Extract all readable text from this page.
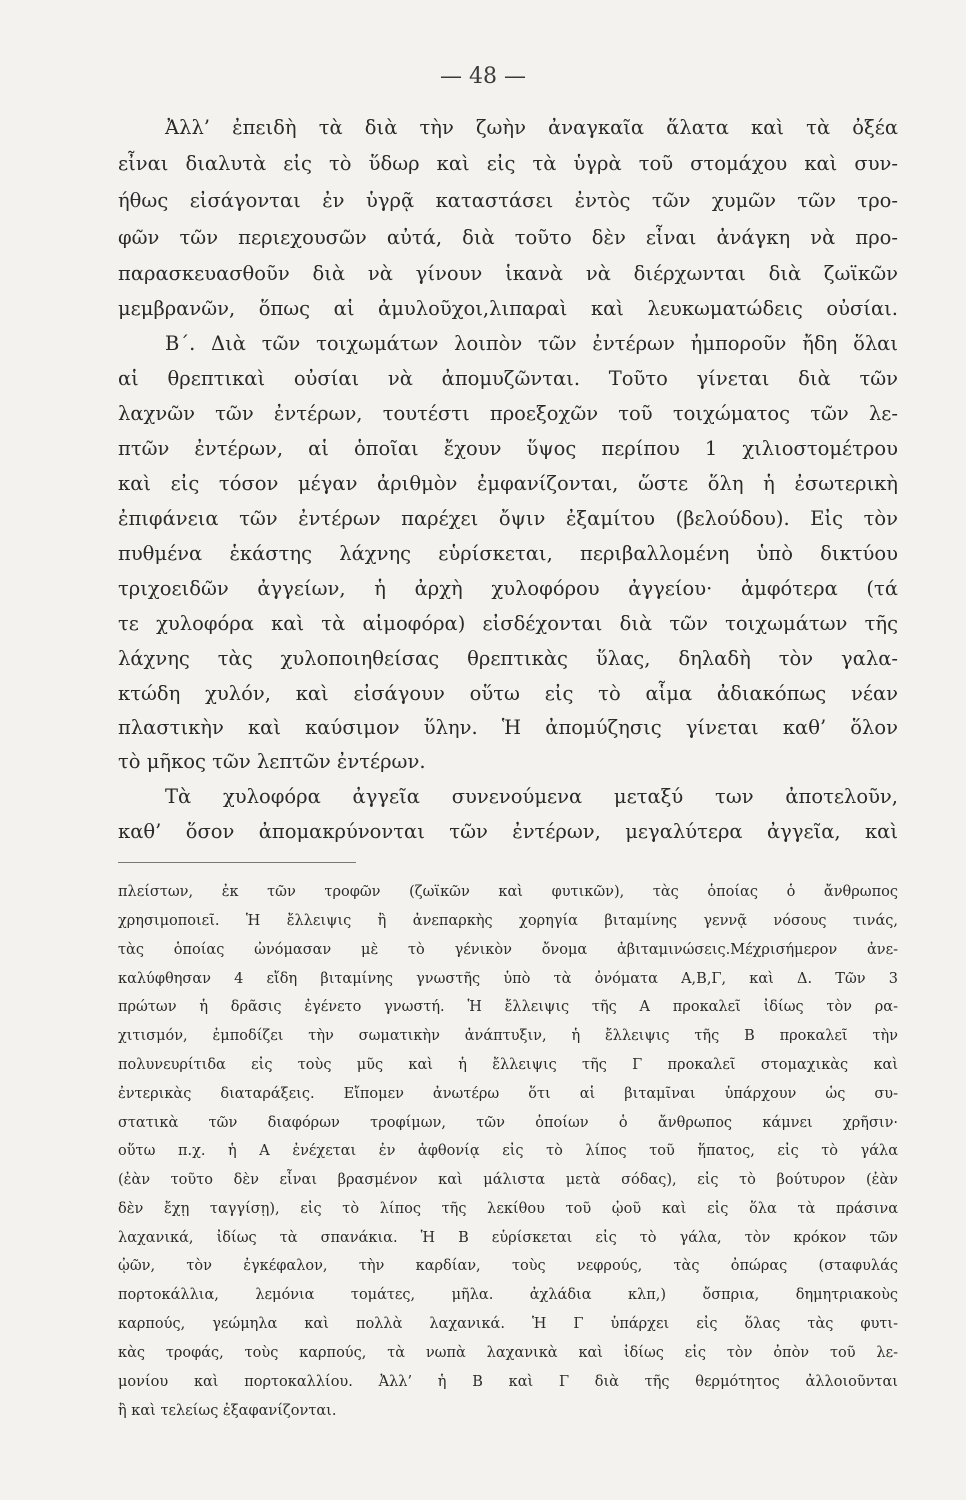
— 48 —
Ἀλλ’ ἐπειδὴ τὰ διὰ τὴν ζωὴν ἀναγκαῖα ἅλατα καὶ τὰ ὀξέα
εἶναι διαλυτὰ εἰς τὸ ὕδωρ καὶ εἰς τὰ ὑγρὰ τοῦ στομάχου καὶ συν-
ήθως εἰσάγονται ἐν ὑγρᾷ καταστάσει ἐντὸς τῶν χυμῶν τῶν τρο-
φῶν τῶν περιεχουσῶν αὐτά, διὰ τοῦτο δὲν εἶναι ἀνάγκη νὰ προ-
παρασκευασθοῦν διὰ νὰ γίνουν ἱκανὰ νὰ διέρχωνται διὰ ζωϊκῶν
μεμβρανῶν, ὅπως αἱ ἀμυλοῦχοι,λιπαραὶ καὶ λευκωματώδεις οὐσίαι.
Β΄. Διὰ τῶν τοιχωμάτων λοιπὸν τῶν ἐντέρων ἠμποροῦν ἤδη ὅλαι
αἱ θρεπτικαὶ οὐσίαι νὰ ἀπομυζῶνται. Τοῦτο γίνεται διὰ τῶν
λαχνῶν τῶν ἐντέρων, τουτέστι προεξοχῶν τοῦ τοιχώματος τῶν λε-
πτῶν ἐντέρων, αἱ ὁποῖαι ἔχουν ὕψος περίπου 1 χιλιοστομέτρου
καὶ εἰς τόσον μέγαν ἀριθμὸν ἐμφανίζονται, ὥστε ὅλη ἡ ἐσωτερικὴ
ἐπιφάνεια τῶν ἐντέρων παρέχει ὄψιν ἐξαμίτου (βελούδου). Εἰς τὸν
πυθμένα ἑκάστης λάχνης εὑρίσκεται, περιβαλλομένη ὑπὸ δικτύου
τριχοειδῶν ἀγγείων, ἡ ἀρχὴ χυλοφόρου ἀγγείου· ἀμφότερα (τά
τε χυλοφόρα καὶ τὰ αἱμοφόρα) εἰσδέχονται διὰ τῶν τοιχωμάτων τῆς
λάχνης τὰς χυλοποιηθείσας θρεπτικὰς ὕλας, δηλαδὴ τὸν γαλα-
κτώδη χυλόν, καὶ εἰσάγουν οὕτω εἰς τὸ αἷμα ἀδιακόπως νέαν
πλαστικὴν καὶ καύσιμον ὕλην. Ἡ ἀπομύζησις γίνεται καθ’ ὅλον
τὸ μῆκος τῶν λεπτῶν ἐντέρων.
Τὰ χυλοφόρα ἀγγεῖα συνενούμενα μεταξύ των ἀποτελοῦν,
καθ’ ὅσον ἀπομακρύνονται τῶν ἐντέρων, μεγαλύτερα ἀγγεῖα, καὶ
πλείστων, ἐκ τῶν τροφῶν (ζωϊκῶν καὶ φυτικῶν), τὰς ὁποίας ὁ ἄνθρωπος
χρησιμοποιεῖ. Ἡ ἔλλειψις ἢ ἀνεπαρκὴς χορηγία βιταμίνης γεννᾷ νόσους τινάς,
τὰς ὁποίας ὠνόμασαν μὲ τὸ γένικὸν ὄνομα ἀβιταμινώσεις.Μέχρισήμερον ἀνε-
καλύφθησαν 4 εἴδη βιταμίνης γνωστῆς ὑπὸ τὰ ὀνόματα Α,Β,Γ, καὶ Δ. Τῶν 3
πρώτων ἡ δρᾶσις ἐγένετο γνωστή. Ἡ ἔλλειψις τῆς Α προκαλεῖ ἰδίως τὸν ρα-
χιτισμόν, ἐμποδίζει τὴν σωματικὴν ἀνάπτυξιν, ἡ ἔλλειψις τῆς Β προκαλεῖ τὴν
πολυνευρίτιδα εἰς τοὺς μῦς καὶ ἡ ἔλλειψις τῆς Γ προκαλεῖ στομαχικὰς καὶ
ἐντερικὰς διαταράξεις. Εἴπομεν ἀνωτέρω ὅτι αἱ βιταμῖναι ὑπάρχουν ὡς συ-
στατικὰ τῶν διαφόρων τροφίμων, τῶν ὁποίων ὁ ἄνθρωπος κάμνει χρῆσιν·
οὕτω π.χ. ἡ Α ἐνέχεται ἐν ἀφθονίᾳ εἰς τὸ λίπος τοῦ ἥπατος, εἰς τὸ γάλα
(ἐὰν τοῦτο δὲν εἶναι βρασμένον καὶ μάλιστα μετὰ σόδας), εἰς τὸ βούτυρον (ἐὰν
δὲν ἔχῃ ταγγίσῃ), εἰς τὸ λίπος τῆς λεκίθου τοῦ ᾠοῦ καὶ εἰς ὅλα τὰ πράσινα
λαχανικά, ἰδίως τὰ σπανάκια. Ἡ Β εὑρίσκεται εἰς τὸ γάλα, τὸν κρόκον τῶν
ᾠῶν, τὸν ἐγκέφαλον, τὴν καρδίαν, τοὺς νεφρούς, τὰς ὀπώρας (σταφυλάς
πορτοκάλλια, λεμόνια τομάτες, μῆλα. ἀχλάδια κλπ,) ὄσπρια, δημητριακοὺς
καρπούς, γεώμηλα καὶ πολλὰ λαχανικά. Ἡ Γ ὑπάρχει εἰς ὅλας τὰς φυτι-
κὰς τροφάς, τοὺς καρπούς, τὰ νωπὰ λαχανικὰ καὶ ἰδίως εἰς τὸν ὀπὸν τοῦ λε-
μονίου καὶ πορτοκαλλίου. Ἀλλ’ ἡ Β καὶ Γ διὰ τῆς θερμότητος ἀλλοιοῦνται
ἢ καὶ τελείως ἐξαφανίζονται.
